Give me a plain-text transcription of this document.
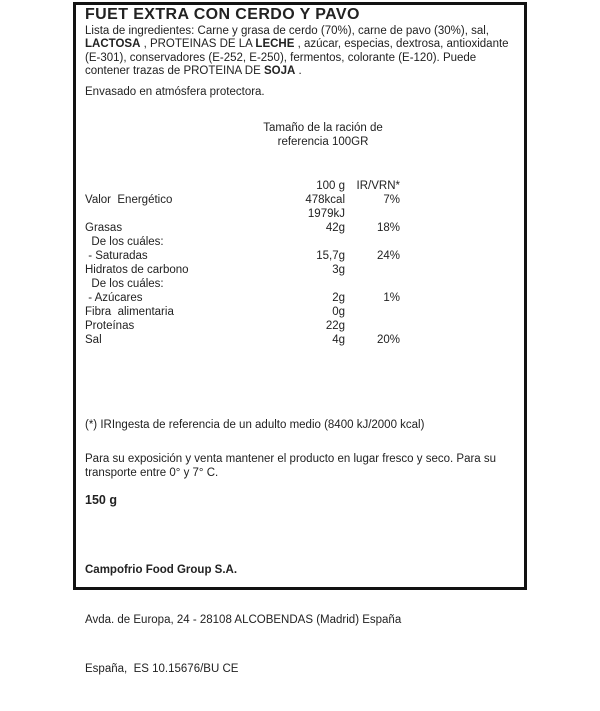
FUET EXTRA CON CERDO Y PAVO

Lista de ingredientes: Carne y grasa de cerdo (70%), carne de pavo (30%), sal, LACTOSA , PROTEINAS DE LA LECHE , azúcar, especias, dextrosa, antioxidante (E-301), conservadores (E-252, E-250), fermentos, colorante (E-120). Puede contener trazas de PROTEINA DE SOJA .

Envasado en atmósfera protectora.

Tamaño de la ración de referencia 100GR
100 g	IR/VRN*
Valor  Energético	478kcal	7%
1979kJ
Grasas	42g	18%
De los cuáles:
- Saturadas	15,7g	24%
Hidratos de carbono	3g
De los cuáles:
- Azúcares	2g	1%
Fibra  alimentaria	0g
Proteínas	22g
Sal	4g	20%

(*) IRIngesta de referencia de un adulto medio (8400 kJ/2000 kcal)

Para su exposición y venta mantener el producto en lugar fresco y seco. Para su transporte entre 0° y 7° C.

150 g

Campofrio Food Group S.A.

Avda. de Europa, 24 - 28108 ALCOBENDAS (Madrid) España

España,  ES 10.15676/BU CE
